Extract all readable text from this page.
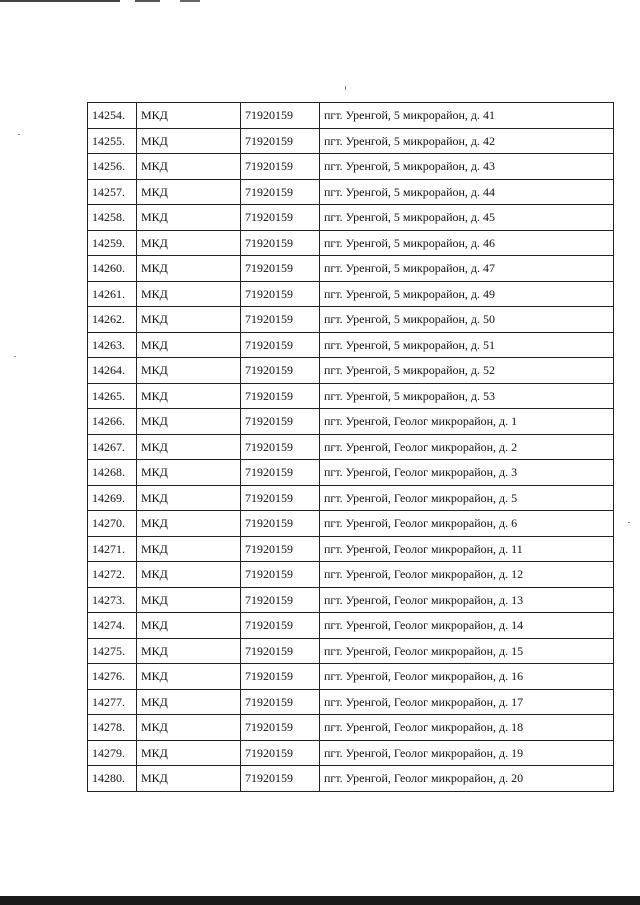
14254.	МКД	71920159	пгт. Уренгой, 5 микрорайон, д. 41
14255.	МКД	71920159	пгт. Уренгой, 5 микрорайон, д. 42
14256.	МКД	71920159	пгт. Уренгой, 5 микрорайон, д. 43
14257.	МКД	71920159	пгт. Уренгой, 5 микрорайон, д. 44
14258.	МКД	71920159	пгт. Уренгой, 5 микрорайон, д. 45
14259.	МКД	71920159	пгт. Уренгой, 5 микрорайон, д. 46
14260.	МКД	71920159	пгт. Уренгой, 5 микрорайон, д. 47
14261.	МКД	71920159	пгт. Уренгой, 5 микрорайон, д. 49
14262.	МКД	71920159	пгт. Уренгой, 5 микрорайон, д. 50
14263.	МКД	71920159	пгт. Уренгой, 5 микрорайон, д. 51
14264.	МКД	71920159	пгт. Уренгой, 5 микрорайон, д. 52
14265.	МКД	71920159	пгт. Уренгой, 5 микрорайон, д. 53
14266.	МКД	71920159	пгт. Уренгой, Геолог микрорайон, д. 1
14267.	МКД	71920159	пгт. Уренгой, Геолог микрорайон, д. 2
14268.	МКД	71920159	пгт. Уренгой, Геолог микрорайон, д. 3
14269.	МКД	71920159	пгт. Уренгой, Геолог микрорайон, д. 5
14270.	МКД	71920159	пгт. Уренгой, Геолог микрорайон, д. 6
14271.	МКД	71920159	пгт. Уренгой, Геолог микрорайон, д. 11
14272.	МКД	71920159	пгт. Уренгой, Геолог микрорайон, д. 12
14273.	МКД	71920159	пгт. Уренгой, Геолог микрорайон, д. 13
14274.	МКД	71920159	пгт. Уренгой, Геолог микрорайон, д. 14
14275.	МКД	71920159	пгт. Уренгой, Геолог микрорайон, д. 15
14276.	МКД	71920159	пгт. Уренгой, Геолог микрорайон, д. 16
14277.	МКД	71920159	пгт. Уренгой, Геолог микрорайон, д. 17
14278.	МКД	71920159	пгт. Уренгой, Геолог микрорайон, д. 18
14279.	МКД	71920159	пгт. Уренгой, Геолог микрорайон, д. 19
14280.	МКД	71920159	пгт. Уренгой, Геолог микрорайон, д. 20
